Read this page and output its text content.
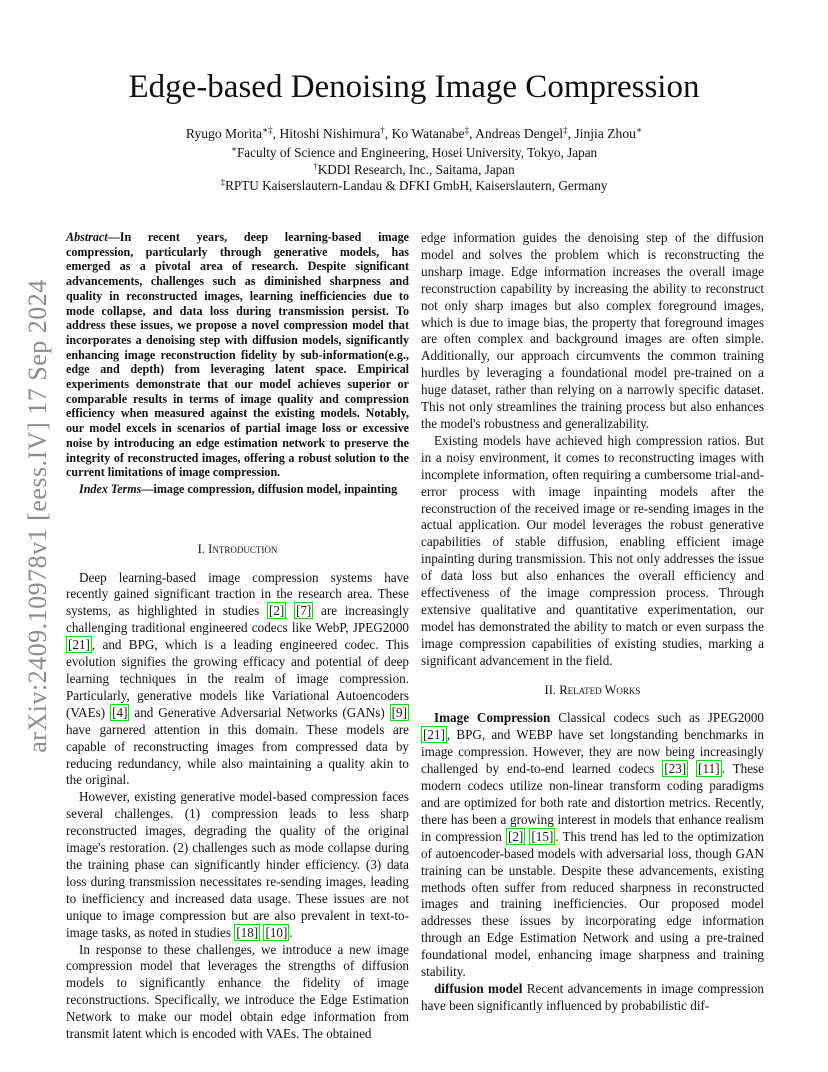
arXiv:2409.10978v1 [eess.IV] 17 Sep 2024
Edge-based Denoising Image Compression
Ryugo Morita∗‡, Hitoshi Nishimura†, Ko Watanabe‡, Andreas Dengel‡, Jinjia Zhou∗
∗Faculty of Science and Engineering, Hosei University, Tokyo, Japan
†KDDI Research, Inc., Saitama, Japan
‡RPTU Kaiserslautern-Landau & DFKI GmbH, Kaiserslautern, Germany

Abstract—In recent years, deep learning-based image compression, particularly through generative models, has emerged as a pivotal area of research. Despite significant advancements, challenges such as diminished sharpness and quality in reconstructed images, learning inefficiencies due to mode collapse, and data loss during transmission persist. To address these issues, we propose a novel compression model that incorporates a denoising step with diffusion models, significantly enhancing image reconstruction fidelity by sub-information(e.g., edge and depth) from leveraging latent space. Empirical experiments demonstrate that our model achieves superior or comparable results in terms of image quality and compression efficiency when measured against the existing models. Notably, our model excels in scenarios of partial image loss or excessive noise by introducing an edge estimation network to preserve the integrity of reconstructed images, offering a robust solution to the current limitations of image compression.

Index Terms—image compression, diffusion model, inpainting

I. Introduction

Deep learning-based image compression systems have recently gained significant traction in the research area. These systems, as highlighted in studies [2] [7] are increasingly challenging traditional engineered codecs like WebP, JPEG2000 [21] , and BPG, which is a leading engineered codec. This evolution signifies the growing efficacy and potential of deep learning techniques in the realm of image compression. Particularly, generative models like Variational Autoencoders (VAEs) [4] and Generative Adversarial Networks (GANs) [9] have garnered attention in this domain. These models are capable of reconstructing images from compressed data by reducing redundancy, while also maintaining a quality akin to the original.

However, existing generative model-based compression faces several challenges. (1) compression leads to less sharp reconstructed images, degrading the quality of the original image's restoration. (2) challenges such as mode collapse during the training phase can significantly hinder efficiency. (3) data loss during transmission necessitates re-sending images, leading to inefficiency and increased data usage. These issues are not unique to image compression but are also prevalent in text-to-image tasks, as noted in studies [18] [10] .

In response to these challenges, we introduce a new image compression model that leverages the strengths of diffusion models to significantly enhance the fidelity of image reconstructions. Specifically, we introduce the Edge Estimation Network to make our model obtain edge information from transmit latent which is encoded with VAEs. The obtained

edge information guides the denoising step of the diffusion model and solves the problem which is reconstructing the unsharp image. Edge information increases the overall image reconstruction capability by increasing the ability to reconstruct not only sharp images but also complex foreground images, which is due to image bias, the property that foreground images are often complex and background images are often simple. Additionally, our approach circumvents the common training hurdles by leveraging a foundational model pre-trained on a huge dataset, rather than relying on a narrowly specific dataset. This not only streamlines the training process but also enhances the model's robustness and generalizability.

Existing models have achieved high compression ratios. But in a noisy environment, it comes to reconstructing images with incomplete information, often requiring a cumbersome trial-and-error process with image inpainting models after the reconstruction of the received image or re-sending images in the actual application. Our model leverages the robust generative capabilities of stable diffusion, enabling efficient image inpainting during transmission. This not only addresses the issue of data loss but also enhances the overall efficiency and effectiveness of the image compression process. Through extensive qualitative and quantitative experimentation, our model has demonstrated the ability to match or even surpass the image compression capabilities of existing studies, marking a significant advancement in the field.

II. Related Works

Image Compression Classical codecs such as JPEG2000 [21] , BPG, and WEBP have set longstanding benchmarks in image compression. However, they are now being increasingly challenged by end-to-end learned codecs [23] [11] . These modern codecs utilize non-linear transform coding paradigms and are optimized for both rate and distortion metrics. Recently, there has been a growing interest in models that enhance realism in compression [2] [15] . This trend has led to the optimization of autoencoder-based models with adversarial loss, though GAN training can be unstable. Despite these advancements, existing methods often suffer from reduced sharpness in reconstructed images and training inefficiencies. Our proposed model addresses these issues by incorporating edge information through an Edge Estimation Network and using a pre-trained foundational model, enhancing image sharpness and training stability.

diffusion model Recent advancements in image compression have been significantly influenced by probabilistic dif-
